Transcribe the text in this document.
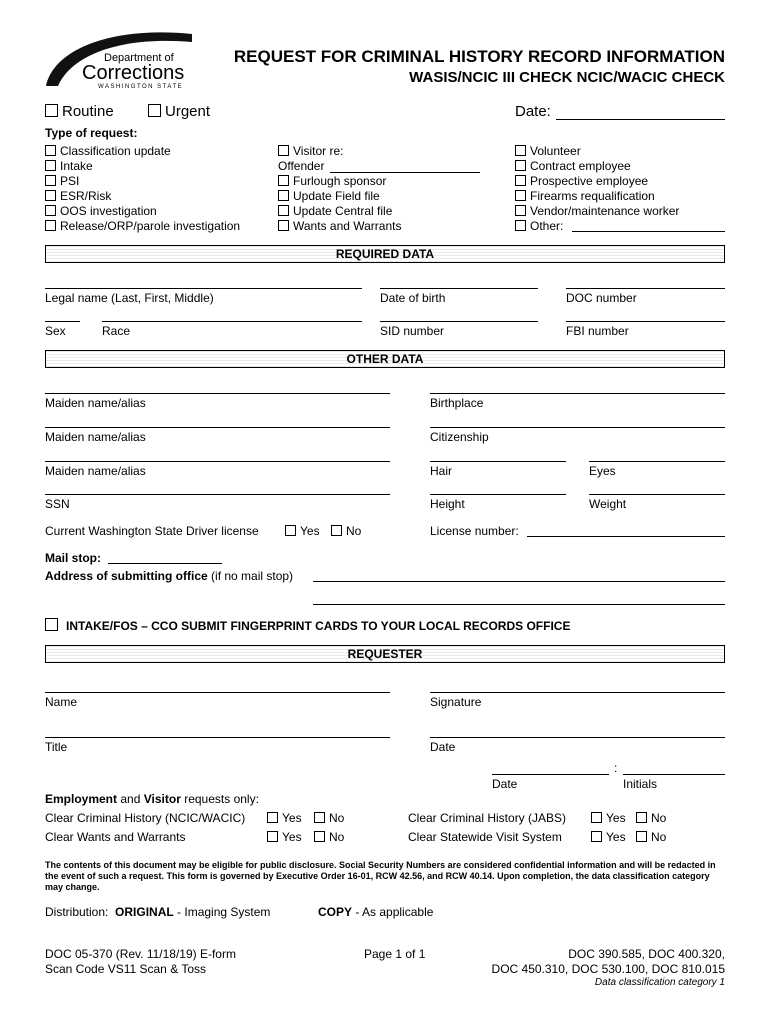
Department of
Corrections
WASHINGTON STATE
REQUEST FOR CRIMINAL HISTORY RECORD INFORMATION
WASIS/NCIC III CHECK NCIC/WACIC CHECK
Routine	Urgent	Date:
Type of request:
Classification update
Intake
PSI
ESR/Risk
OOS investigation
Release/ORP/parole investigation
Visitor re:
Offender
Furlough sponsor
Update Field file
Update Central file
Wants and Warrants
Volunteer
Contract employee
Prospective employee
Firearms requalification
Vendor/maintenance worker
Other:
REQUIRED DATA
Legal name (Last, First, Middle)	Date of birth	DOC number
Sex	Race	SID number	FBI number
OTHER DATA
Maiden name/alias	Birthplace
Maiden name/alias	Citizenship
Maiden name/alias	Hair	Eyes
SSN	Height	Weight
Current Washington State Driver license	Yes	No	License number:
Mail stop:
Address of submitting office (if no mail stop)
INTAKE/FOS – CCO SUBMIT FINGERPRINT CARDS TO YOUR LOCAL RECORDS OFFICE
REQUESTER
Name	Signature
Title	Date
:
Date	Initials
Employment and Visitor requests only:
Clear Criminal History (NCIC/WACIC)	Yes	No	Clear Criminal History (JABS)	Yes	No
Clear Wants and Warrants	Yes	No	Clear Statewide Visit System	Yes	No
The contents of this document may be eligible for public disclosure. Social Security Numbers are considered confidential information and will be redacted in the event of such a request. This form is governed by Executive Order 16-01, RCW 42.56, and RCW 40.14. Upon completion, the data classification category may change.
Distribution: ORIGINAL - Imaging System	COPY - As applicable
DOC 05-370 (Rev. 11/18/19) E-form
Scan Code VS11 Scan & Toss
Page 1 of 1	DOC 390.585, DOC 400.320,
DOC 450.310, DOC 530.100, DOC 810.015
Data classification category 1
